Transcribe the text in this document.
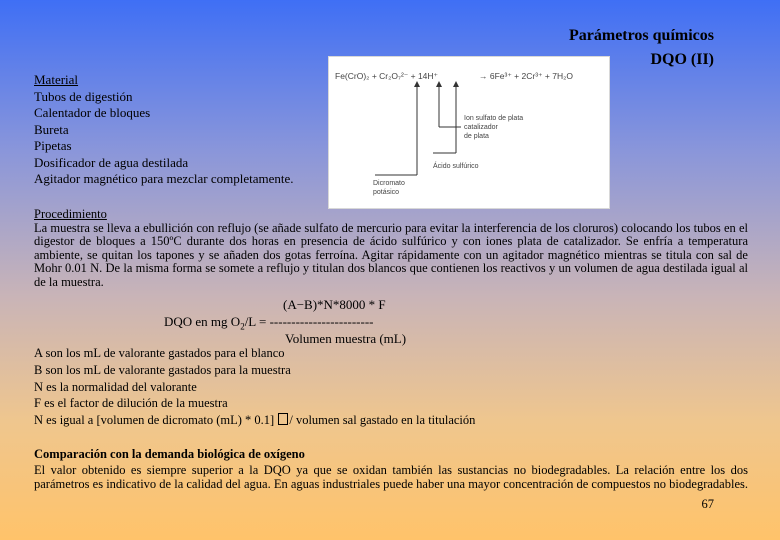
Parámetros químicos
DQO (II)
Material
Tubos de digestión
Calentador de bloques
Bureta
Pipetas
Dosificador de agua destilada
Agitador magnético para mezclar completamente.
Fe(CrO)₂ + Cr₂O₇²⁻ + 14H⁺	→ 6Fe³⁺ + 2Cr³⁺ + 7H₂O
Ion sulfato de plata
catalizador
de plata
Ácido sulfúrico
Dicromato
potásico
Procedimiento
La muestra se lleva a ebullición con reflujo (se añade sulfato de mercurio para evitar la interferencia de los cloruros) colocando los tubos en el digestor de bloques a 150ºC durante dos horas en presencia de ácido sulfúrico y con iones plata de catalizador. Se enfría a temperatura ambiente, se quitan los tapones y se añaden dos gotas ferroína. Agitar rápidamente con un agitador magnético mientras se titula con sal de Mohr 0.01 N. De la misma forma se somete a reflujo y titulan dos blancos que contienen los reactivos y un volumen de agua destilada igual al de la muestra.
(A−B)*N*8000 * F
DQO en mg $O_2/L$ = ------------------------
Volumen muestra (mL)
A son los mL de valorante gastados para el blanco
B son los mL de valorante gastados para la muestra
N es la normalidad del valorante
F es el factor de dilución de la muestra
N es igual a [volumen de dicromato (mL) * 0.1] / volumen sal gastado en la titulación
Comparación con la demanda biológica de oxígeno
El valor obtenido es siempre superior a la DQO ya que se oxidan también las sustancias no biodegradables. La relación entre los dos parámetros es indicativo de la calidad del agua. En aguas industriales puede haber una mayor concentración de compuestos no biodegradables.
67
